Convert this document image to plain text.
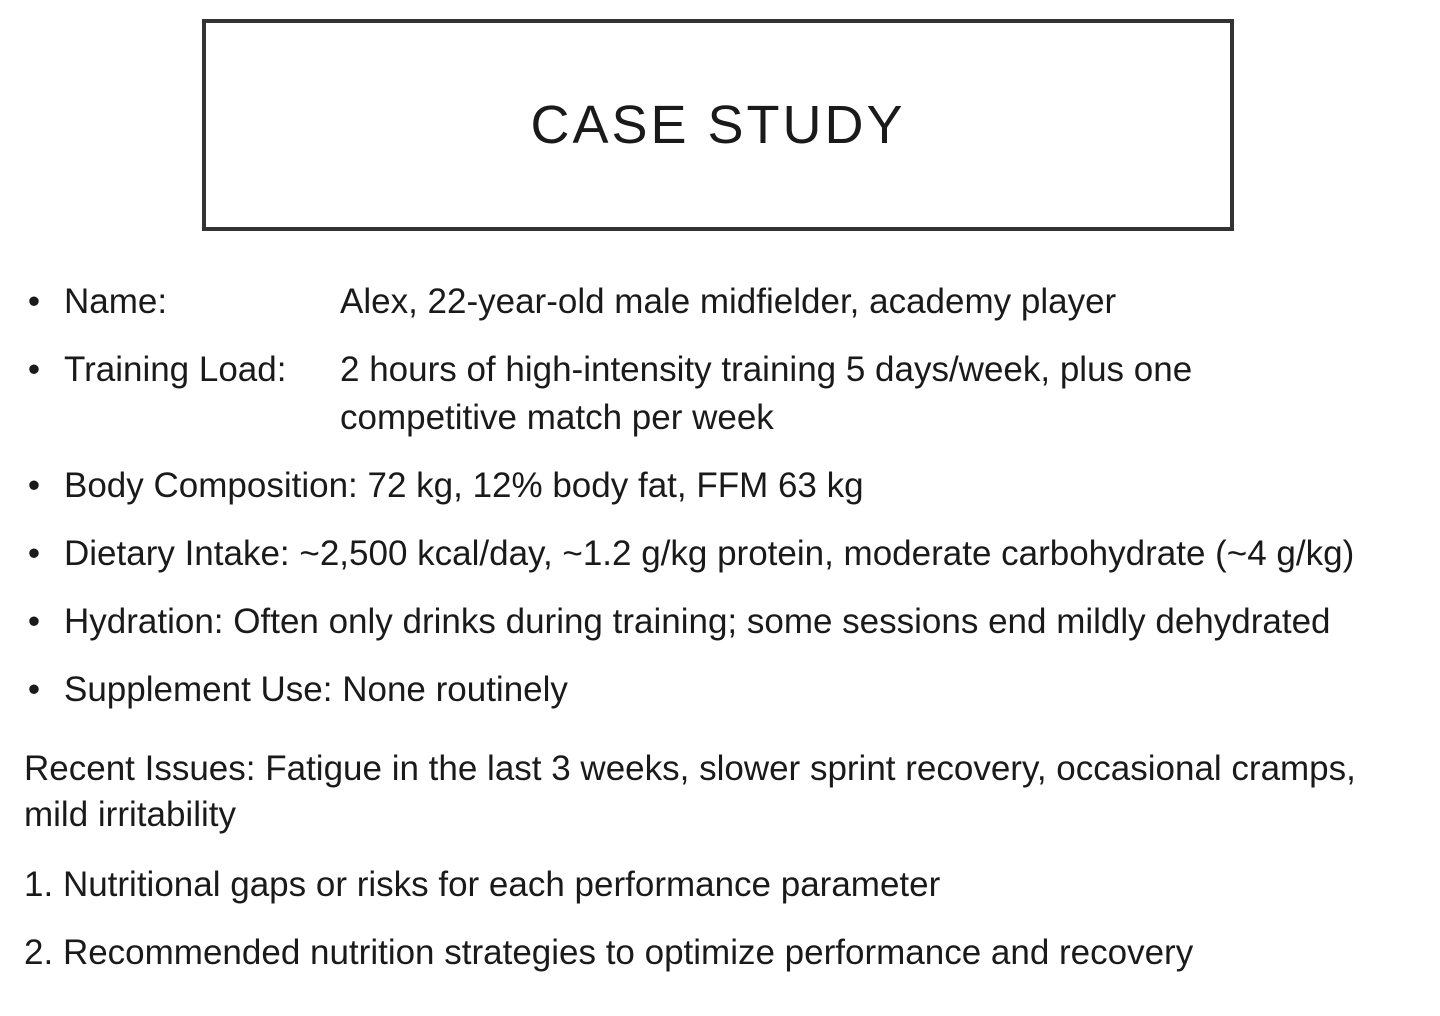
CASE STUDY
• Name:	Alex, 22-year-old male midfielder, academy player
• Training Load: 2 hours of high-intensity training 5 days/week, plus one competitive match per week
• Body Composition: 72 kg, 12% body fat, FFM 63 kg
• Dietary Intake: ~2,500 kcal/day, ~1.2 g/kg protein, moderate carbohydrate (~4 g/kg)
• Hydration: Often only drinks during training; some sessions end mildly dehydrated
• Supplement Use: None routinely
Recent Issues: Fatigue in the last 3 weeks, slower sprint recovery, occasional cramps, mild irritability
1. Nutritional gaps or risks for each performance parameter
2. Recommended nutrition strategies to optimize performance and recovery
